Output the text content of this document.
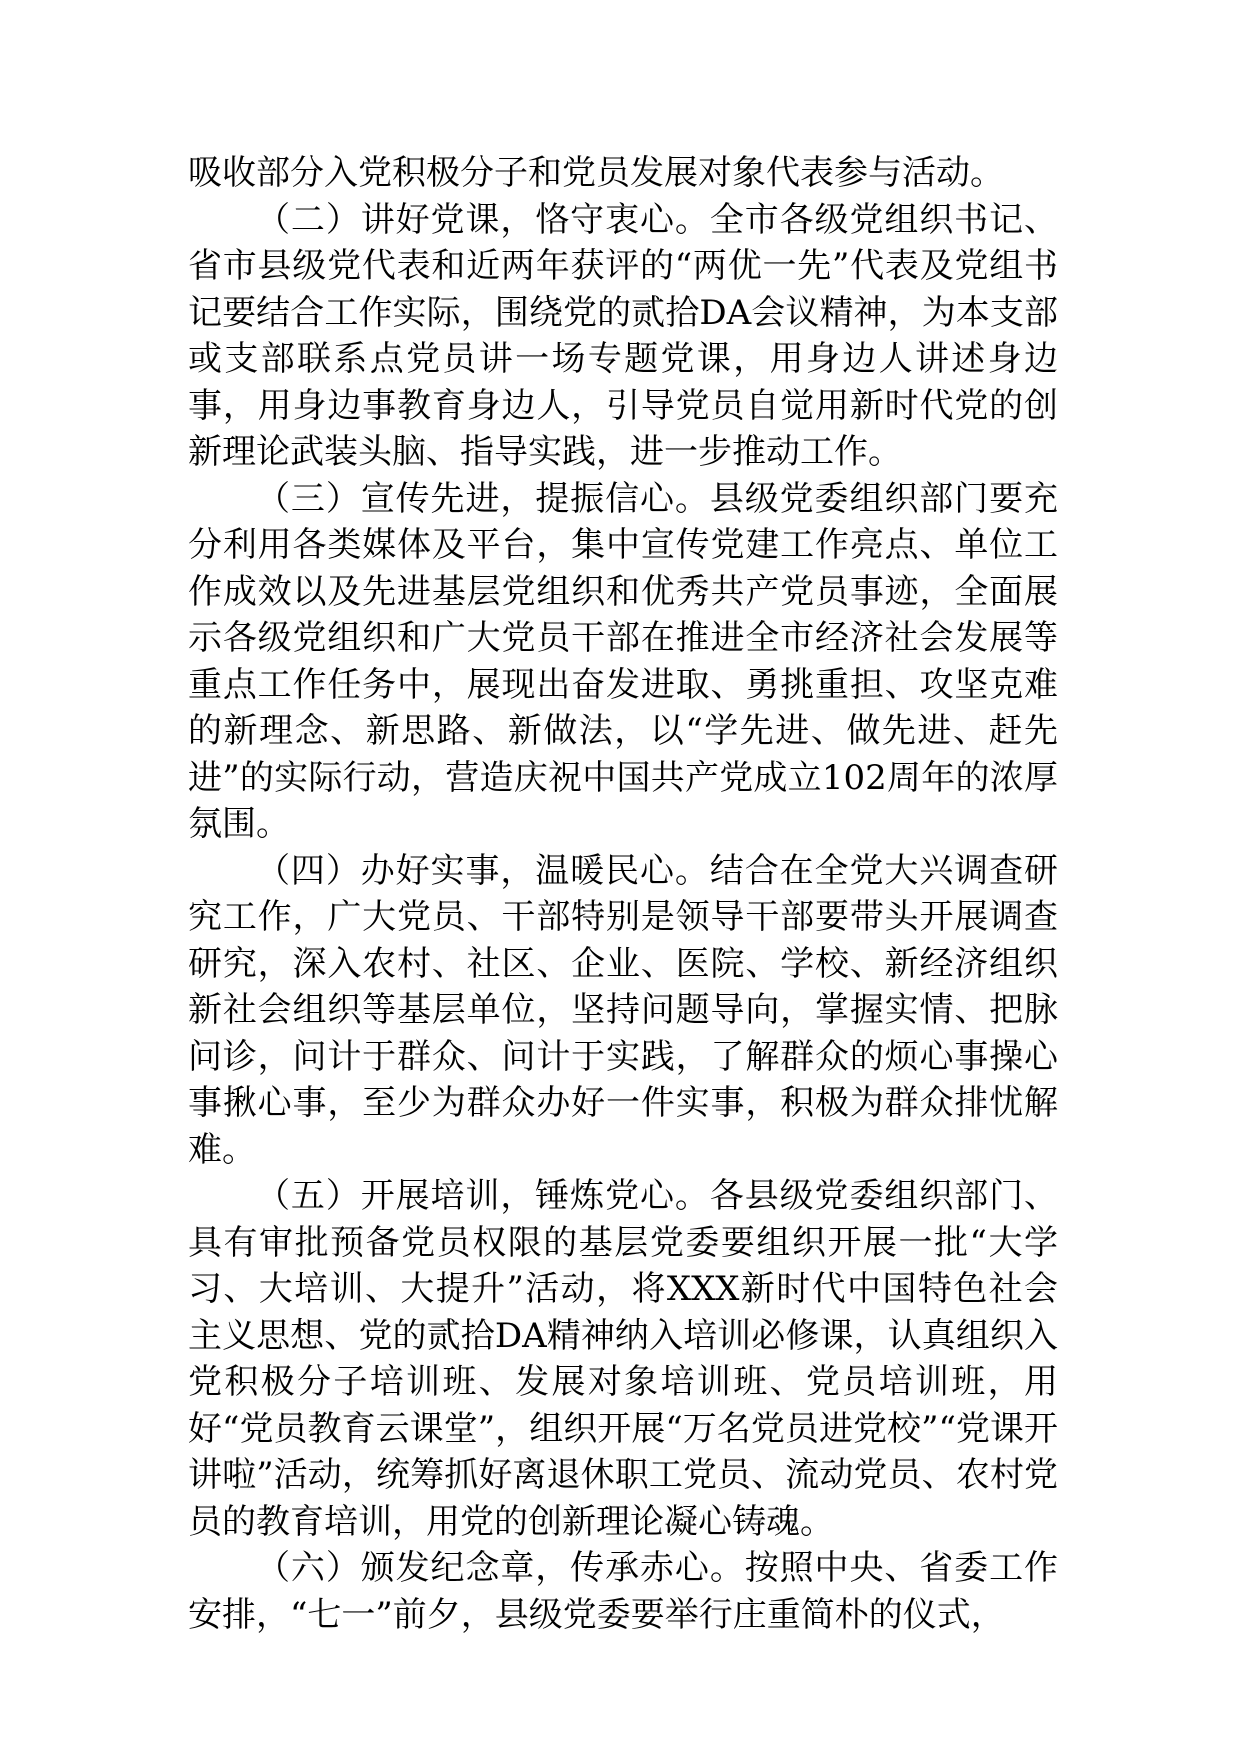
吸收部分入党积极分子和党员发展对象代表参与活动。

（二）讲好党课，恪守衷心。全市各级党组织书记、省市县级党代表和近两年获评的“两优一先”代表及党组书记要结合工作实际，围绕党的贰拾DA会议精神，为本支部或支部联系点党员讲一场专题党课，用身边人讲述身边事，用身边事教育身边人，引导党员自觉用新时代党的创新理论武装头脑、指导实践，进一步推动工作。

（三）宣传先进，提振信心。县级党委组织部门要充分利用各类媒体及平台，集中宣传党建工作亮点、单位工作成效以及先进基层党组织和优秀共产党员事迹，全面展示各级党组织和广大党员干部在推进全市经济社会发展等重点工作任务中，展现出奋发进取、勇挑重担、攻坚克难的新理念、新思路、新做法，以“学先进、做先进、赶先进”的实际行动，营造庆祝中国共产党成立102周年的浓厚氛围。

（四）办好实事，温暖民心。结合在全党大兴调查研究工作，广大党员、干部特别是领导干部要带头开展调查研究，深入农村、社区、企业、医院、学校、新经济组织新社会组织等基层单位，坚持问题导向，掌握实情、把脉问诊，问计于群众、问计于实践，了解群众的烦心事操心事揪心事，至少为群众办好一件实事，积极为群众排忧解难。

（五）开展培训，锤炼党心。各县级党委组织部门、具有审批预备党员权限的基层党委要组织开展一批“大学习、大培训、大提升”活动，将XXX新时代中国特色社会主义思想、党的贰拾DA精神纳入培训必修课，认真组织入党积极分子培训班、发展对象培训班、党员培训班，用好“党员教育云课堂”，组织开展“万名党员进党校”“党课开讲啦”活动，统筹抓好离退休职工党员、流动党员、农村党员的教育培训，用党的创新理论凝心铸魂。

（六）颁发纪念章，传承赤心。按照中央、省委工作安排，“七一”前夕，县级党委要举行庄重简朴的仪式，
